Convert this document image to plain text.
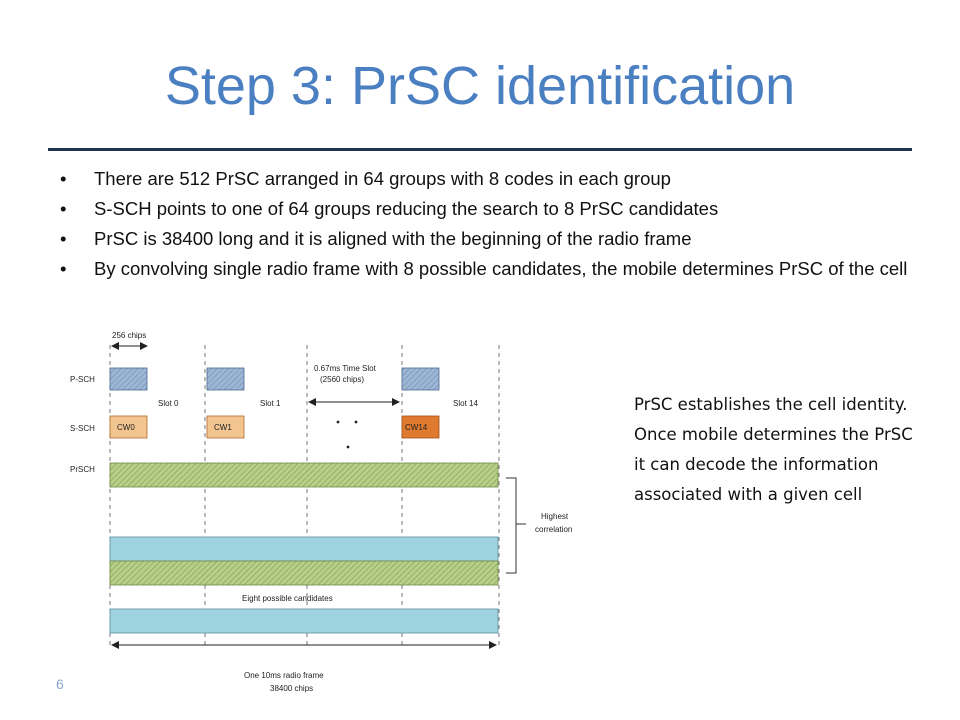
Step 3: PrSC identification
• There are 512 PrSC arranged in 64 groups with 8 codes in each group
• S-SCH points to one of 64 groups reducing the search to 8 PrSC candidates
• PrSC is 38400 long and it is aligned with the beginning of the radio frame
• By convolving single radio frame with 8 possible candidates, the mobile determines PrSC of the cell
256 chips
P-SCH
S-SCH
PrSCH
Slot 0	Slot 1	Slot 14
0.67ms Time Slot
(2560 chips)
CW0	CW1	CW14
Eight possible candidates
Highest
correlation
One 10ms radio frame
38400 chips
PrSC establishes the cell identity. Once mobile determines the PrSC it can decode the information associated with a given cell
6
